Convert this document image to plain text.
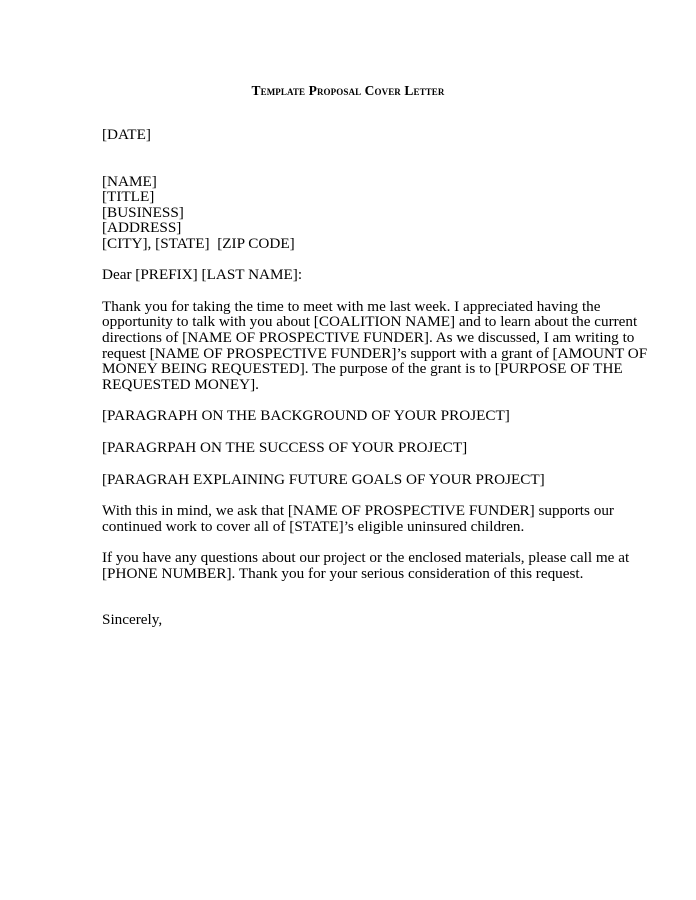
Template Proposal Cover Letter

[DATE]

[NAME]
[TITLE]
[BUSINESS]
[ADDRESS]
[CITY], [STATE]  [ZIP CODE]

Dear [PREFIX] [LAST NAME]:

Thank you for taking the time to meet with me last week. I appreciated having the
opportunity to talk with you about [COALITION NAME] and to learn about the current
directions of [NAME OF PROSPECTIVE FUNDER]. As we discussed, I am writing to
request [NAME OF PROSPECTIVE FUNDER]’s support with a grant of [AMOUNT OF
MONEY BEING REQUESTED]. The purpose of the grant is to [PURPOSE OF THE
REQUESTED MONEY].

[PARAGRAPH ON THE BACKGROUND OF YOUR PROJECT]

[PARAGRPAH ON THE SUCCESS OF YOUR PROJECT]

[PARAGRAH EXPLAINING FUTURE GOALS OF YOUR PROJECT]

With this in mind, we ask that [NAME OF PROSPECTIVE FUNDER] supports our
continued work to cover all of [STATE]’s eligible uninsured children.
If you have any questions about our project or the enclosed materials, please call me at
[PHONE NUMBER]. Thank you for your serious consideration of this request.

Sincerely,
